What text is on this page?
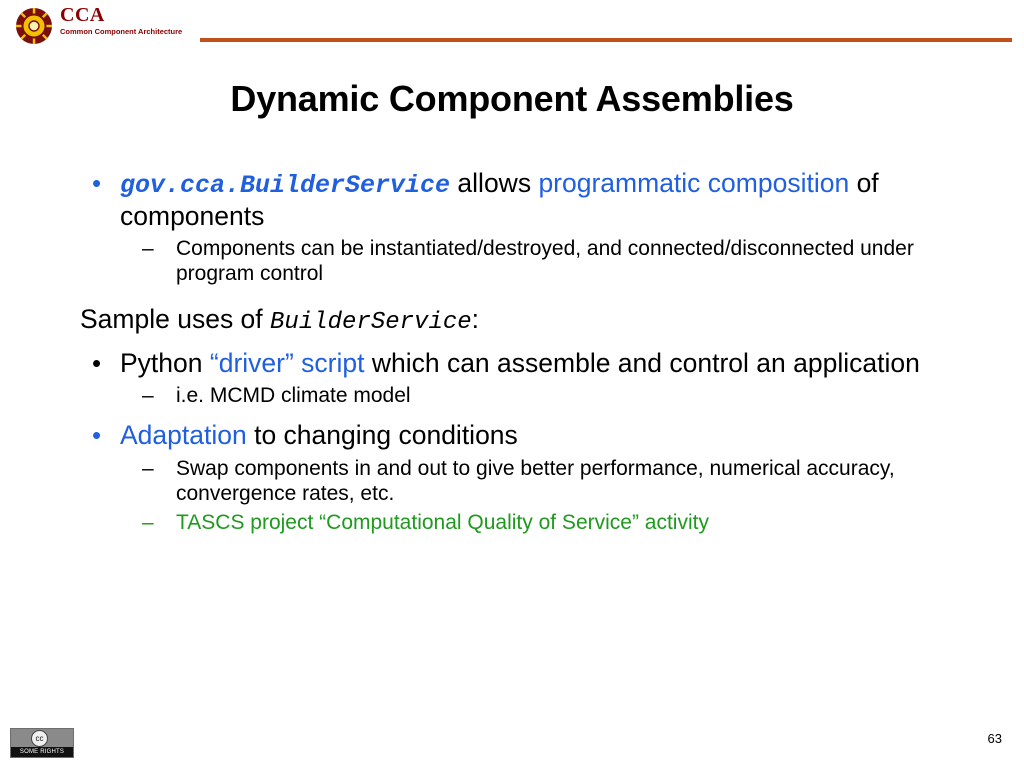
CCA
Common Component Architecture
Dynamic Component Assemblies
• gov.cca.BuilderService allows programmatic composition of components
– Components can be instantiated/destroyed, and connected/disconnected under program control
Sample uses of BuilderService:
• Python “driver” script which can assemble and control an application
– i.e. MCMD climate model
• Adaptation to changing conditions
– Swap components in and out to give better performance, numerical accuracy, convergence rates, etc.
– TASCS project “Computational Quality of Service” activity
cc
SOME RIGHTS RESERVED
63
